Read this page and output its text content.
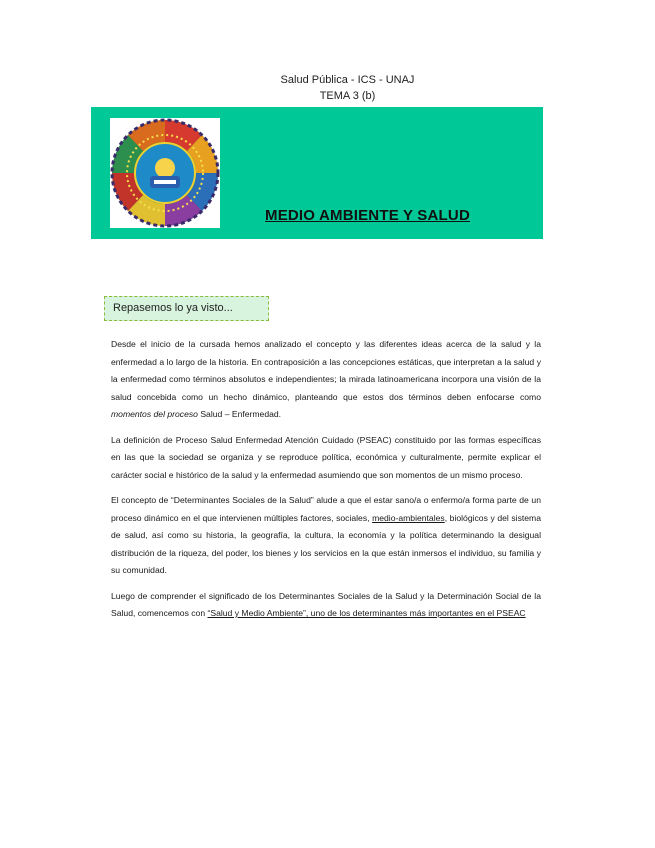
Salud Pública - ICS - UNAJ
TEMA 3 (b)
MEDIO AMBIENTE Y SALUD
Repasemos lo ya visto...

Desde el inicio de la cursada hemos analizado el concepto y las diferentes ideas acerca de la salud y la enfermedad a lo largo de la historia. En contraposición a las concepciones estáticas, que interpretan a la salud y la enfermedad como términos absolutos e independientes; la mirada latinoamericana incorpora una visión de la salud concebida como un hecho dinámico, planteando que estos dos términos deben enfocarse como momentos del proceso Salud – Enfermedad.

La definición de Proceso Salud Enfermedad Atención Cuidado (PSEAC) constituido por las formas específicas en las que la sociedad se organiza y se reproduce política, económica y culturalmente, permite explicar el carácter social e histórico de la salud y la enfermedad asumiendo que son momentos de un mismo proceso.

El concepto de “Determinantes Sociales de la Salud” alude a que el estar sano/a o enfermo/a forma parte de un proceso dinámico en el que intervienen múltiples factores, sociales, medio-ambientales, biológicos y del sistema de salud, así como su historia, la geografía, la cultura, la economía y la política determinando la desigual distribución de la riqueza, del poder, los bienes y los servicios en la que están inmersos el individuo, su familia y su comunidad.

Luego de comprender el significado de los Determinantes Sociales de la Salud y la Determinación Social de la Salud, comencemos con “Salud y Medio Ambiente”, uno de los determinantes más importantes en el PSEAC
